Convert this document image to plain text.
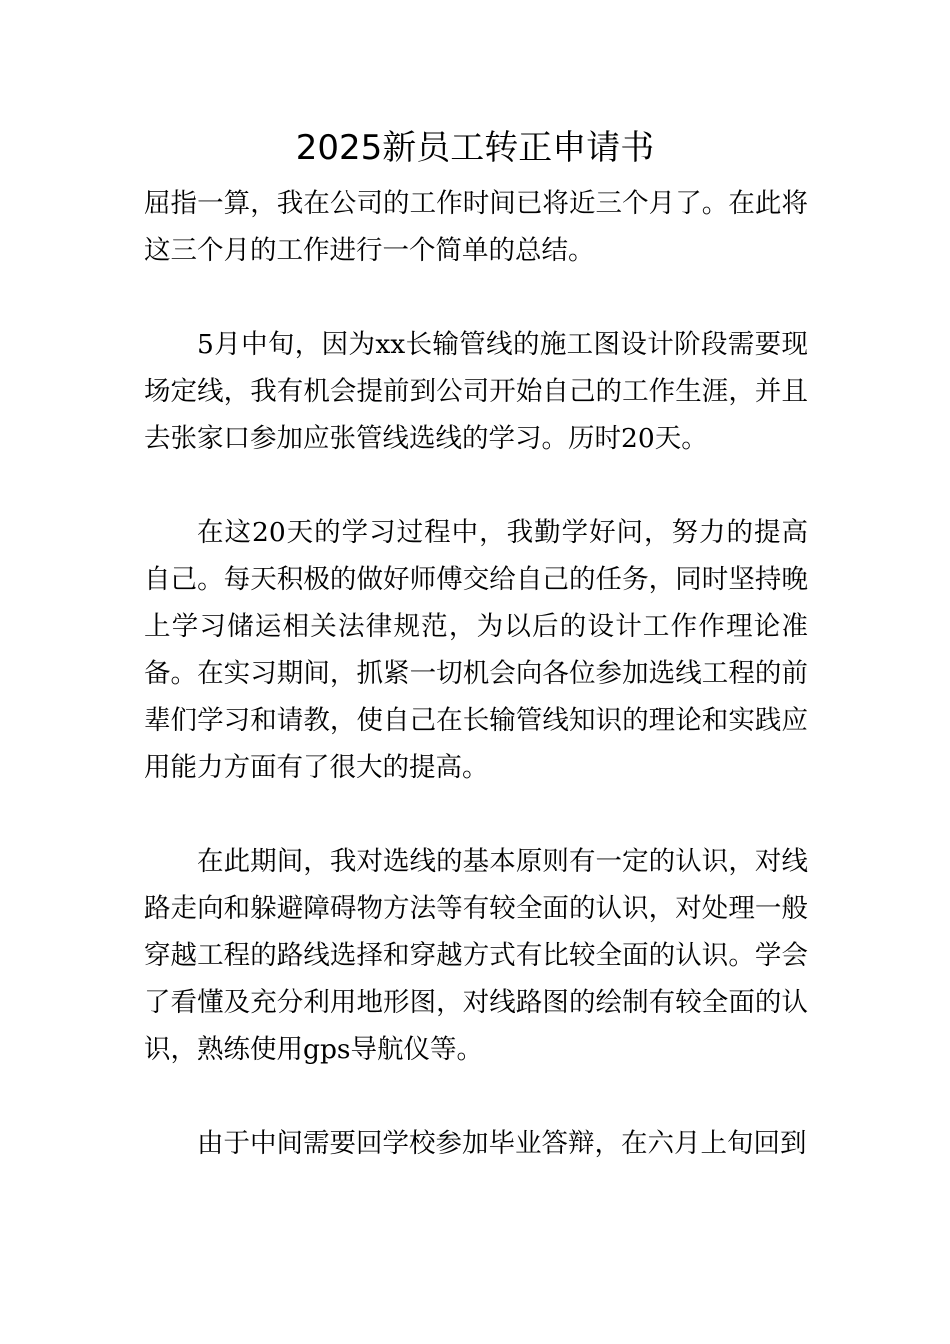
2025新员工转正申请书

屈指一算，我在公司的工作时间已将近三个月了。在此将这三个月的工作进行一个简单的总结。

5月中旬，因为xx长输管线的施工图设计阶段需要现场定线，我有机会提前到公司开始自己的工作生涯，并且去张家口参加应张管线选线的学习。历时20天。

在这20天的学习过程中，我勤学好问，努力的提高自己。每天积极的做好师傅交给自己的任务，同时坚持晚上学习储运相关法律规范，为以后的设计工作作理论准备。在实习期间，抓紧一切机会向各位参加选线工程的前辈们学习和请教，使自己在长输管线知识的理论和实践应用能力方面有了很大的提高。

在此期间，我对选线的基本原则有一定的认识，对线路走向和躲避障碍物方法等有较全面的认识，对处理一般穿越工程的路线选择和穿越方式有比较全面的认识。学会了看懂及充分利用地形图，对线路图的绘制有较全面的认识，熟练使用gps导航仪等。

由于中间需要回学校参加毕业答辩，在六月上旬回到
